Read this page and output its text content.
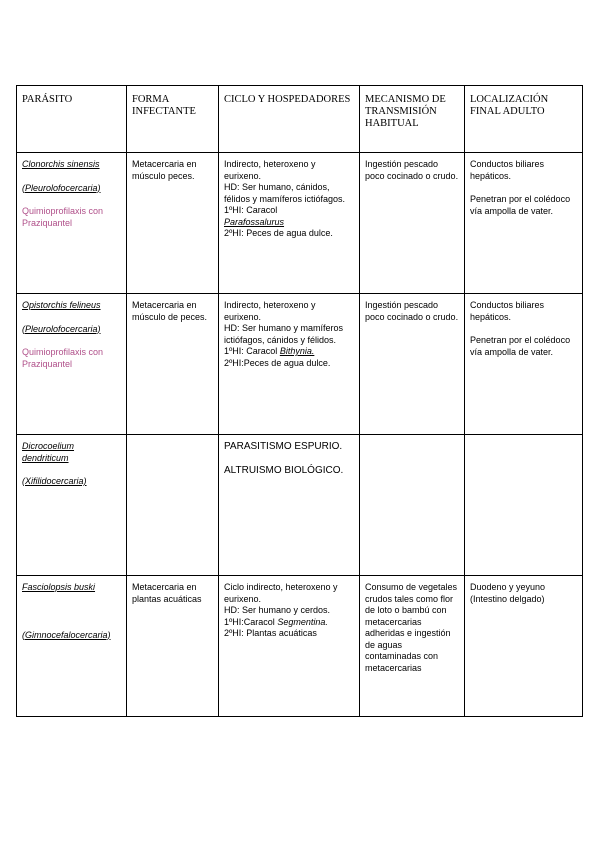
PARÁSITO	FORMA INFECTANTE	CICLO Y HOSPEDADORES	MECANISMO DE TRANSMISIÓN HABITUAL	LOCALIZACIÓN FINAL ADULTO

Clonorchis sinensis
(Pleurolofocercaria)
Quimioprofilaxis con Praziquantel	Metacercaria en músculo peces.	Indirecto, heteroxeno y eurixeno.
HD: Ser humano, cánidos, félidos y mamíferos ictiófagos.
1ºHI: Caracol
Parafossalurus
2ºHI: Peces de agua dulce.	Ingestión pescado poco cocinado o crudo.	Conductos biliares hepáticos.
Penetran por el colédoco vía ampolla de vater.

Opistorchis felineus
(Pleurolofocercaria)
Quimioprofilaxis con Praziquantel	Metacercaria en músculo de peces.	Indirecto, heteroxeno y eurixeno.
HD: Ser humano y mamíferos ictiófagos, cánidos y félidos.
1ºHI: Caracol Bithynia.
2ºHI:Peces de agua dulce.	Ingestión pescado poco cocinado o crudo.	Conductos biliares hepáticos.
Penetran por el colédoco vía ampolla de vater.

Dicrocoelium dendriticum
(Xifilidocercaria)		PARASITISMO ESPURIO.
ALTRUISMO BIOLÓGICO.		

Fasciolopsis buski
(Gimnocefalocercaria)	Metacercaria en plantas acuáticas	Ciclo indirecto, heteroxeno y eurixeno.
HD: Ser humano y cerdos.
1ºHI:Caracol Segmentina.
2ºHI: Plantas acuáticas	Consumo de vegetales crudos tales como flor de loto o bambú con metacercarias adheridas e ingestión de aguas contaminadas con metacercarias	Duodeno y yeyuno (Intestino delgado)
